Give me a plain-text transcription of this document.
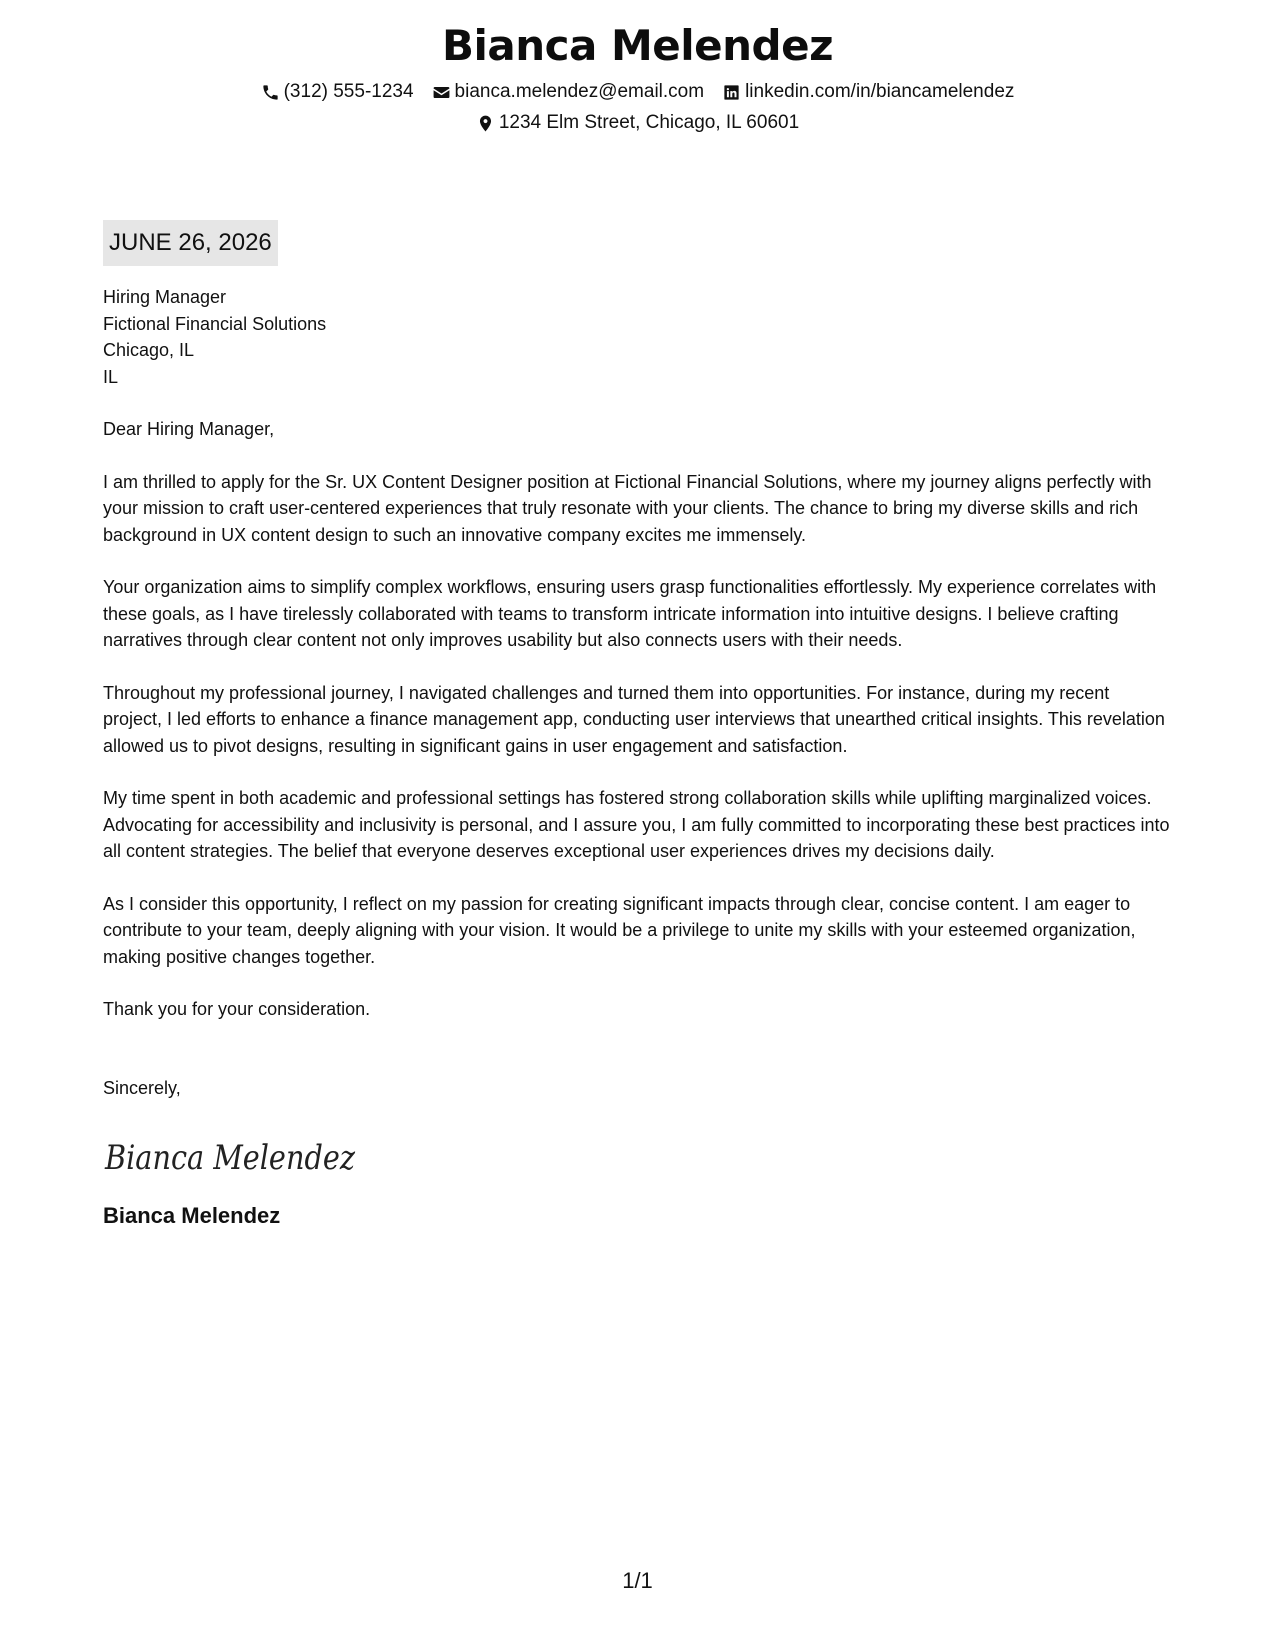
Bianca Melendez
(312) 555-1234 bianca.melendez@email.com linkedin.com/in/biancamelendez
1234 Elm Street, Chicago, IL 60601
JUNE 26, 2026
Hiring Manager
Fictional Financial Solutions
Chicago, IL
IL
Dear Hiring Manager,
I am thrilled to apply for the Sr. UX Content Designer position at Fictional Financial Solutions, where my journey aligns perfectly with your mission to craft user-centered experiences that truly resonate with your clients. The chance to bring my diverse skills and rich background in UX content design to such an innovative company excites me immensely.
Your organization aims to simplify complex workflows, ensuring users grasp functionalities effortlessly. My experience correlates with these goals, as I have tirelessly collaborated with teams to transform intricate information into intuitive designs. I believe crafting narratives through clear content not only improves usability but also connects users with their needs.
Throughout my professional journey, I navigated challenges and turned them into opportunities. For instance, during my recent project, I led efforts to enhance a finance management app, conducting user interviews that unearthed critical insights. This revelation allowed us to pivot designs, resulting in significant gains in user engagement and satisfaction.
My time spent in both academic and professional settings has fostered strong collaboration skills while uplifting marginalized voices. Advocating for accessibility and inclusivity is personal, and I assure you, I am fully committed to incorporating these best practices into all content strategies. The belief that everyone deserves exceptional user experiences drives my decisions daily.
As I consider this opportunity, I reflect on my passion for creating significant impacts through clear, concise content. I am eager to contribute to your team, deeply aligning with your vision. It would be a privilege to unite my skills with your esteemed organization, making positive changes together.
Thank you for your consideration.
Sincerely,
Bianca Melendez
Bianca Melendez
1/1
